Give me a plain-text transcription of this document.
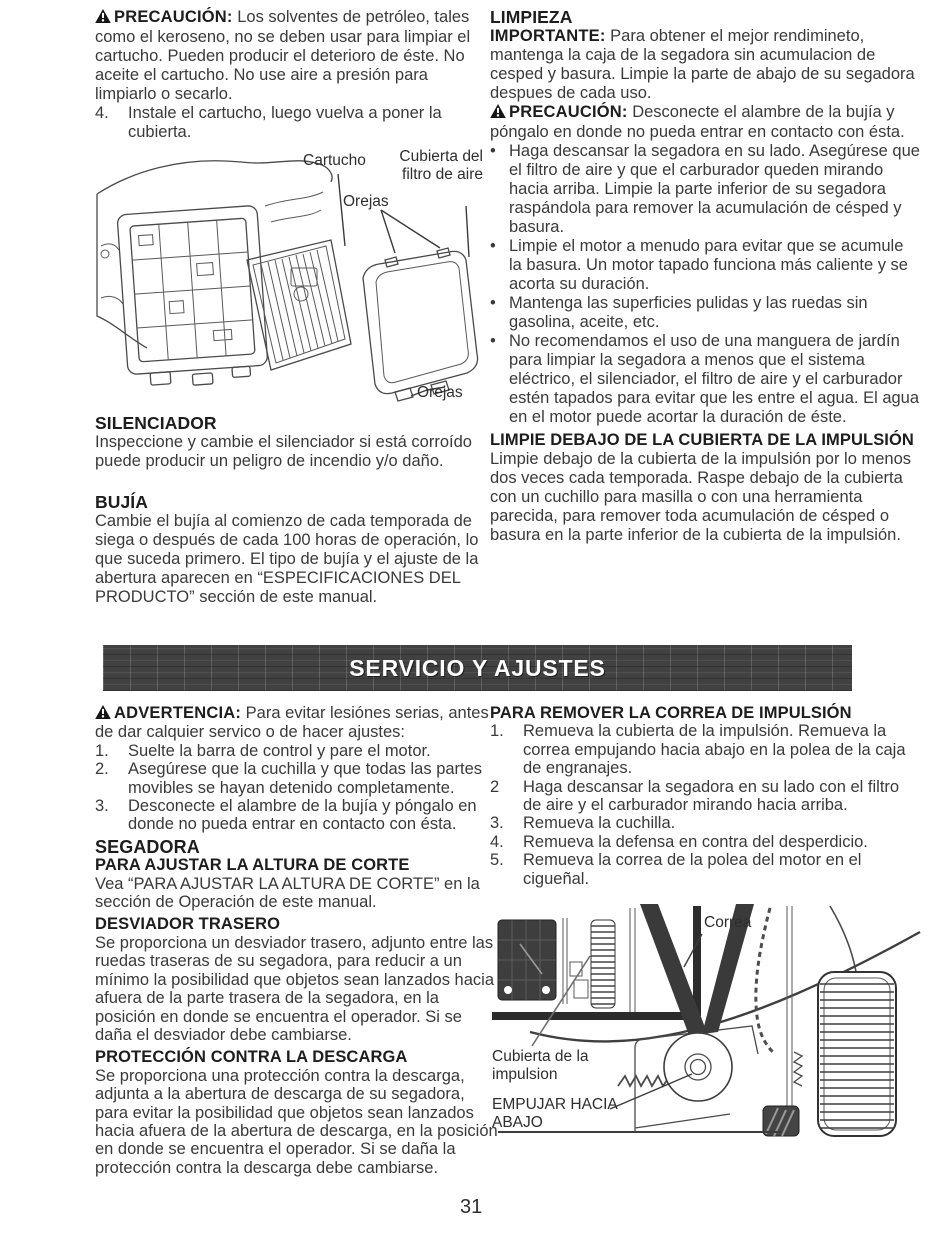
PRECAUCIÓN: Los solventes de petróleo, tales como el keroseno, no se deben usar para limpiar el cartucho. Pueden producir el deterioro de éste. No aceite el cartucho. No use aire a presión para limpiarlo o secarlo.

4.	Instale el cartucho, luego vuelva a poner la cubierta.
Cartucho Cubierta del filtro de aire
Orejas
Orejas
SILENCIADOR

Inspeccione y cambie el silenciador si está corroído puede producir un peligro de incendio y/o daño.

BUJÍA

Cambie el bujía al comienzo de cada temporada de siega o después de cada 100 horas de operación, lo que suceda primero. El tipo de bujía y el ajuste de la abertura aparecen en “ESPECIFICACIONES DEL PRODUCTO” sección de este manual.

LIMPIEZA

IMPORTANTE: Para obtener el mejor rendimineto, mantenga la caja de la segadora sin acumulacion de cesped y basura. Limpie la parte de abajo de su segadora despues de cada uso.

PRECAUCIÓN: Desconecte el alambre de la bujía y póngalo en donde no pueda entrar en contacto con ésta.

• Haga descansar la segadora en su lado. Asegúrese que el filtro de aire y que el carburador queden mirando hacia arriba. Limpie la parte inferior de su segadora raspándola para remover la acumulación de césped y basura.
• Limpie el motor a menudo para evitar que se acumule la basura. Un motor tapado funciona más caliente y se acorta su duración.
• Mantenga las superficies pulidas y las ruedas sin gasolina, aceite, etc.
• No recomendamos el uso de una manguera de jardín para limpiar la segadora a menos que el sistema eléctrico, el silenciador, el filtro de aire y el carburador estén tapados para evitar que les entre el agua. El agua en el motor puede acortar la duración de éste.
LIMPIE DEBAJO DE LA CUBIERTA DE LA IMPULSIÓN

Limpie debajo de la cubierta de la impulsión por lo menos dos veces cada temporada. Raspe debajo de la cubierta con un cuchillo para masilla o con una herramienta parecida, para remover toda acumulación de césped o basura en la parte inferior de la cubierta de la impulsión.

SERVICIO Y AJUSTES

ADVERTENCIA: Para evitar lesiónes serias, antes de dar calquier servico o de hacer ajustes:

1.	Suelte la barra de control y pare el motor.
2.	Asegúrese que la cuchilla y que todas las partes movibles se hayan detenido completamente.
3.	Desconecte el alambre de la bujía y póngalo en donde no pueda entrar en contacto con ésta.
SEGADORA
PARA AJUSTAR LA ALTURA DE CORTE

Vea “PARA AJUSTAR LA ALTURA DE CORTE” en la sección de Operación de este manual.

DESVIADOR TRASERO

Se proporciona un desviador trasero, adjunto entre las ruedas traseras de su segadora, para reducir a un mínimo la posibilidad que objetos sean lanzados hacia afuera de la parte trasera de la segadora, en la posición en donde se encuentra el operador. Si se daña el desviador debe cambiarse.

PROTECCIÓN CONTRA LA DESCARGA

Se proporciona una protección contra la descarga, adjunta a la abertura de descarga de su segadora, para evitar la posibilidad que objetos sean lanzados hacia afuera de la abertura de descarga, en la posición en donde se encuentra el operador. Si se daña la protección contra la descarga debe cambiarse.

PARA REMOVER LA CORREA DE IMPULSIÓN
1.	Remueva la cubierta de la impulsión. Remueva la correa empujando hacia abajo en la polea de la caja de engranajes.
2	Haga descansar la segadora en su lado con el filtro de aire y el carburador mirando hacia arriba.
3.	Remueva la cuchilla.
4.	Remueva la defensa en contra del desperdicio.
5.	Remueva la correa de la polea del motor en el cigueñal.
Correa
Cubierta de la impulsion
EMPUJAR HACIA ABAJO
31
